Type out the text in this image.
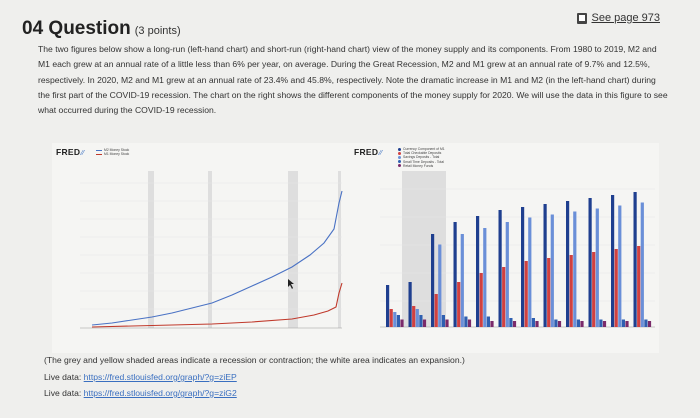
See page 973
04 Question (3 points)
The two figures below show a long-run (left-hand chart) and short-run (right-hand chart) view of the money supply and its components. From 1980 to 2019, M2 and M1 each grew at an annual rate of a little less than 6% per year, on average. During the Great Recession, M2 and M1 grew at an annual rate of 9.7% and 12.5%, respectively. In 2020, M2 and M1 grew at an annual rate of 23.4% and 45.8%, respectively. Note the dramatic increase in M1 and M2 (in the left-hand chart) during the first part of the COVID-19 recession. The chart on the right shows the different components of the money supply for 2020. We will use the data in this figure to see what occurred during the COVID-19 recession.
FRED⁄⁄	M2 Money Stock
M1 Money Stock	FRED⁄⁄
Currency Component of M1
Total Checkable Deposits
Savings Deposits - Total
Small Time Deposits - Total
Retail Money Funds
(The grey and yellow shaded areas indicate a recession or contraction; the white area indicates an expansion.)
Live data: https://fred.stlouisfed.org/graph/?g=ziEP
Live data: https://fred.stlouisfed.org/graph/?g=ziG2
